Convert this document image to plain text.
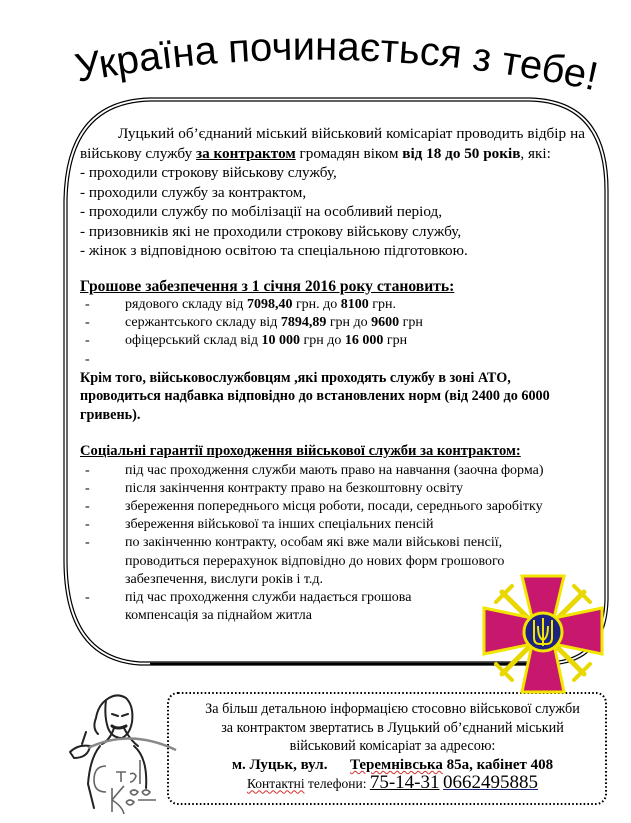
Україна починається з тебе!

Луцький об’єднаний міський військовий комісаріат проводить відбір на військову службу за контрактом громадян віком від 18 до 50 років, які:

- проходили строкову військову службу,

- проходили службу за контрактом,

- проходили службу по мобілізації на особливий період,

- призовників які не проходили строкову військову службу,

- жінок з відповідною освітою та спеціальною підготовкою.

Грошове забезпечення з 1 січня 2016 року становить:

-	рядового складу від 7098,40 грн. до 8100 грн.
-	сержантського складу від 7894,89 грн до 9600 грн
-	офіцерський склад від 10 000 грн до 16 000 грн
-

Крім того, військовослужбовцям ,які проходять службу в зоні АТО, проводиться надбавка відповідно до встановлених норм (від 2400 до 6000 гривень).

Соціальні гарантії проходження військової служби за контрактом:

-	під час проходження служби мають право на навчання (заочна форма)
-	після закінчення контракту право на безкоштовну освіту
-	збереження попереднього місця роботи, посади, середнього заробітку
-	збереження військової та інших спеціальних пенсій
-	по закінченню контракту, особам які вже мали військові пенсії, проводиться перерахунок відповідно до нових форм грошового забезпечення, вислуги років і т.д.
-	під час проходження служби надається грошова компенсація за піднайом житла

За більш детальною інформацією стосовно військової служби

за контрактом звертатись в Луцький об’єднаний міський

військовий комісаріат за адресою:

м. Луцьк, вул. Теремнівська 85а, кабінет 408

Контактні телефони: 75-14-31 0662495885
